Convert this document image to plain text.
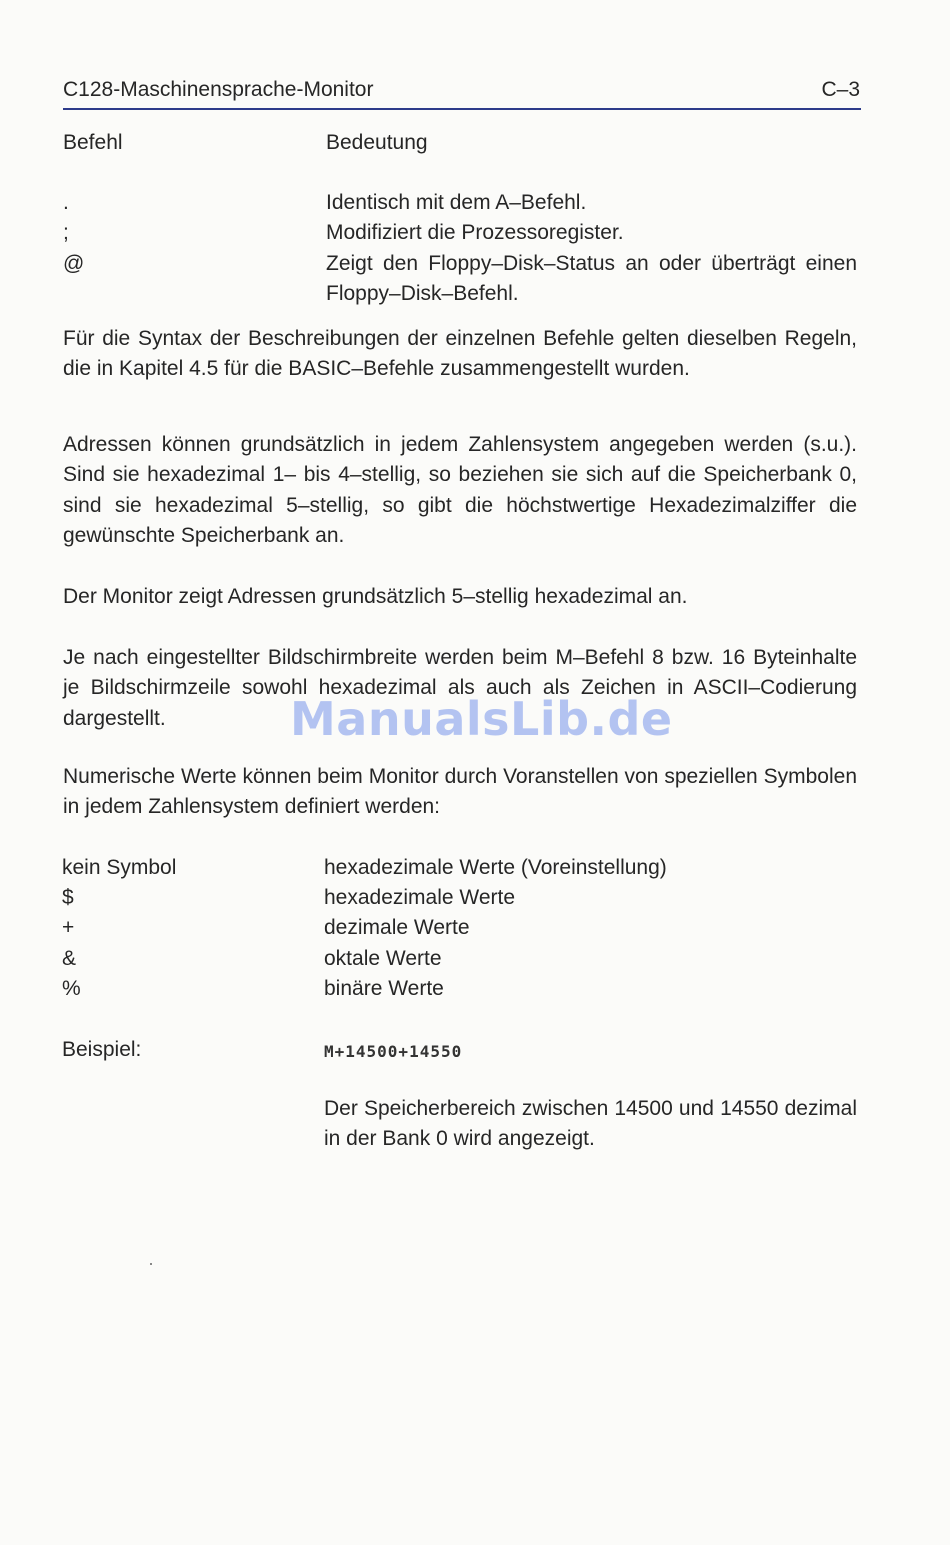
C128-Maschinensprache-Monitor	C–3
Befehl	Bedeutung
.	Identisch mit dem A–Befehl.
;	Modifiziert die Prozessoregister.
@	Zeigt den Floppy–Disk–Status an oder überträgt einen Floppy–Disk–Befehl.

Für die Syntax der Beschreibungen der einzelnen Befehle gelten dieselben Regeln, die in Kapitel 4.5 für die BASIC–Befehle zusammengestellt wurden.

Adressen können grundsätzlich in jedem Zahlensystem angegeben werden (s.u.). Sind sie hexadezimal 1– bis 4–stellig, so beziehen sie sich auf die Speicherbank 0, sind sie hexadezimal 5–stellig, so gibt die höchstwertige Hexadezimalziffer die gewünschte Speicherbank an.

Der Monitor zeigt Adressen grundsätzlich 5–stellig hexadezimal an.

Je nach eingestellter Bildschirmbreite werden beim M–Befehl 8 bzw. 16 Byteinhalte je Bildschirmzeile sowohl hexadezimal als auch als Zeichen in ASCII–Codierung dargestellt.

Numerische Werte können beim Monitor durch Voranstellen von speziellen Symbolen in jedem Zahlensystem definiert werden:

kein Symbol	hexadezimale Werte (Voreinstellung)
$	hexadezimale Werte
+	dezimale Werte
&	oktale Werte
%	binäre Werte
Beispiel:	M+14500+14550

Der Speicherbereich zwischen 14500 und 14550 dezimal in der Bank 0 wird angezeigt.

ManualsLib.de
